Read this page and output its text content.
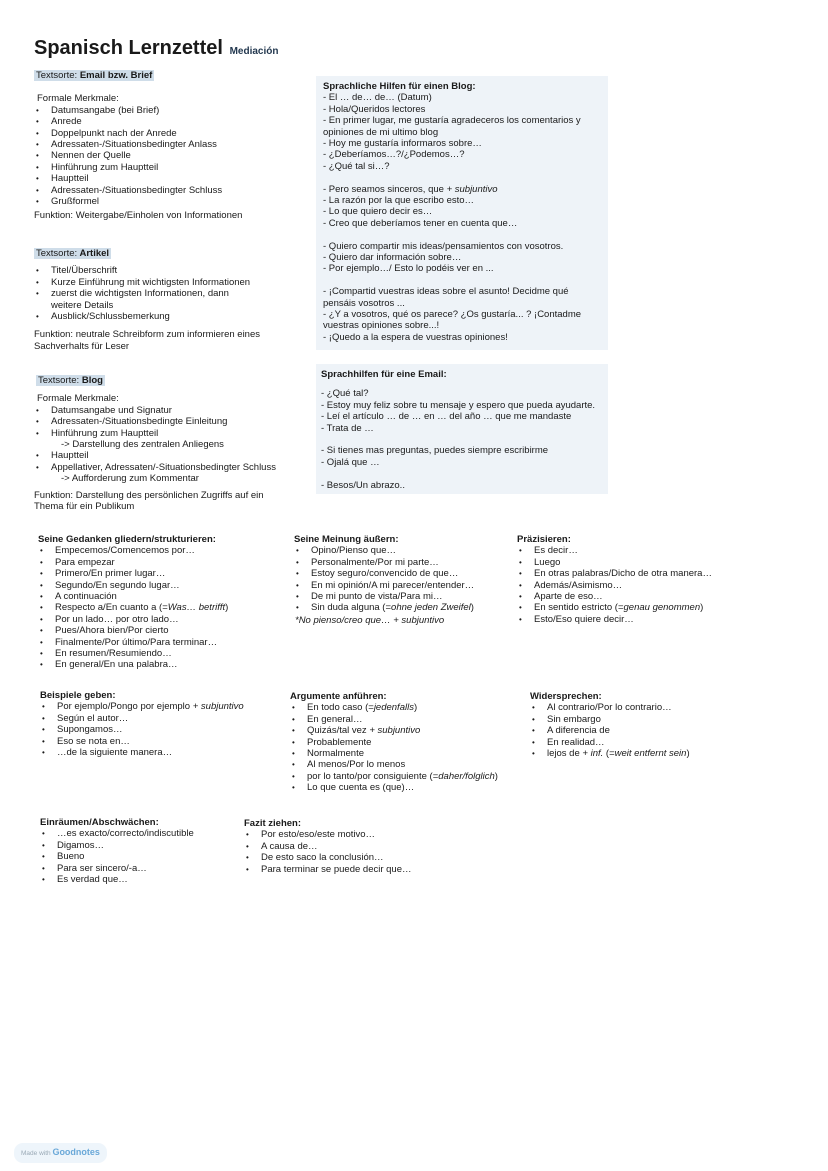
Spanisch Lernzettel Mediación
Textsorte: Email bzw. Brief
Formale Merkmale:
• Datumsangabe (bei Brief)
• Anrede
• Doppelpunkt nach der Anrede
• Adressaten-/Situationsbedingter Anlass
• Nennen der Quelle
• Hinführung zum Hauptteil
• Hauptteil
• Adressaten-/Situationsbedingter Schluss
• Grußformel
Funktion: Weitergabe/Einholen von Informationen
Textsorte: Artikel
• Titel/Überschrift
• Kurze Einführung mit wichtigsten Informationen
• zuerst die wichtigsten Informationen, dann
weitere Details
• Ausblick/Schlussbemerkung
Funktion: neutrale Schreibform zum informieren eines
Sachverhalts für Leser
Textsorte: Blog
Formale Merkmale:
• Datumsangabe und Signatur
• Adressaten-/Situationsbedingte Einleitung
• Hinführung zum Hauptteil
-> Darstellung des zentralen Anliegens
• Hauptteil
• Appellativer, Adressaten/-Situationsbedingter Schluss
-> Aufforderung zum Kommentar
Funktion: Darstellung des persönlichen Zugriffs auf ein
Thema für ein Publikum
Sprachliche Hilfen für einen Blog:
- El … de… de… (Datum)
- Hola/Queridos lectores
- En primer lugar, me gustaría agradeceros los comentarios y
opiniones de mi ultimo blog
- Hoy me gustaría informaros sobre…
- ¿Deberíamos…?/¿Podemos…?
- ¿Qué tal si…?
- Pero seamos sinceros, que + subjuntivo
- La razón por la que escribo esto…
- Lo que quiero decir es…
- Creo que deberíamos tener en cuenta que…
- Quiero compartir mis ideas/pensamientos con vosotros.
- Quiero dar información sobre…
- Por ejemplo…/ Esto lo podéis ver en ...
- ¡Compartid vuestras ideas sobre el asunto! Decidme qué
pensáis vosotros ...
- ¿Y a vosotros, qué os parece? ¿Os gustaría... ? ¡Contadme
vuestras opiniones sobre...!
- ¡Quedo a la espera de vuestras opiniones!
Sprachhilfen für eine Email:
- ¿Qué tal?
- Estoy muy feliz sobre tu mensaje y espero que pueda ayudarte.
- Leí el artículo … de … en … del año … que me mandaste
- Trata de …
- Si tienes mas preguntas, puedes siempre escribirme
- Ojalá que …
- Besos/Un abrazo..
Seine Gedanken gliedern/strukturieren:
• Empecemos/Comencemos por…
• Para empezar
• Primero/En primer lugar…
• Segundo/En segundo lugar…
• A continuación
• Respecto a/En cuanto a (=Was… betrifft)
• Por un lado… por otro lado…
• Pues/Ahora bien/Por cierto
• Finalmente/Por último/Para terminar…
• En resumen/Resumiendo…
• En general/En una palabra…
Seine Meinung äußern:
• Opino/Pienso que…
• Personalmente/Por mi parte…
• Estoy seguro/convencido de que…
• En mi opinión/A mi parecer/entender…
• De mi punto de vista/Para mi…
• Sin duda alguna (=ohne jeden Zweifel)
*No pienso/creo que… + subjuntivo
Präzisieren:
• Es decir…
• Luego
• En otras palabras/Dicho de otra manera…
• Además/Asimismo…
• Aparte de eso…
• En sentido estricto (=genau genommen)
• Esto/Eso quiere decir…
Beispiele geben:
• Por ejemplo/Pongo por ejemplo + subjuntivo
• Según el autor…
• Supongamos…
• Eso se nota en…
• …de la siguiente manera…
Argumente anführen:
• En todo caso (=jedenfalls)
• En general…
• Quizás/tal vez + subjuntivo
• Probablemente
• Normalmente
• Al menos/Por lo menos
• por lo tanto/por consiguiente (=daher/folglich)
• Lo que cuenta es (que)…
Widersprechen:
• Al contrario/Por lo contrario…
• Sin embargo
• A diferencia de
• En realidad…
• lejos de + inf. (=weit entfernt sein)
Einräumen/Abschwächen:
• …es exacto/correcto/indiscutible
• Digamos…
• Bueno
• Para ser sincero/-a…
• Es verdad que…
Fazit ziehen:
• Por esto/eso/este motivo…
• A causa de…
• De esto saco la conclusión…
• Para terminar se puede decir que…
Made with Goodnotes
